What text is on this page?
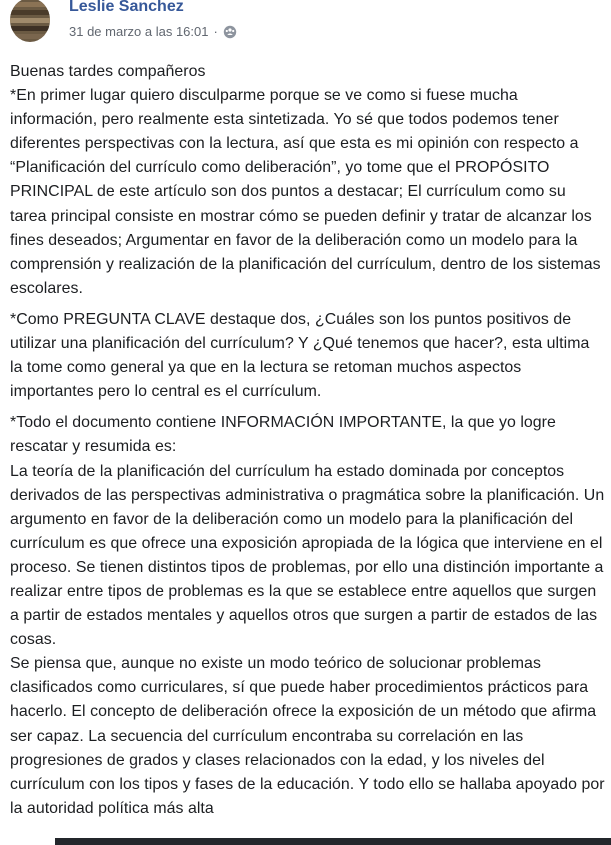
Leslie Sanchez
31 de marzo a las 16:01 ·

Buenas tardes compañeros
*En primer lugar quiero disculparme porque se ve como si fuese mucha información, pero realmente esta sintetizada. Yo sé que todos podemos tener diferentes perspectivas con la lectura, así que esta es mi opinión con respecto a “Planificación del currículo como deliberación”, yo tome que el PROPÓSITO PRINCIPAL de este artículo son dos puntos a destacar; El currículum como su tarea principal consiste en mostrar cómo se pueden definir y tratar de alcanzar los fines deseados; Argumentar en favor de la deliberación como un modelo para la comprensión y realización de la planificación del currículum, dentro de los sistemas escolares.

*Como PREGUNTA CLAVE destaque dos, ¿Cuáles son los puntos positivos de utilizar una planificación del currículum? Y ¿Qué tenemos que hacer?, esta ultima la tome como general ya que en la lectura se retoman muchos aspectos importantes pero lo central es el currículum.

*Todo el documento contiene INFORMACIÓN IMPORTANTE, la que yo logre rescatar y resumida es:
La teoría de la planificación del currículum ha estado dominada por conceptos derivados de las perspectivas administrativa o pragmática sobre la planificación. Un argumento en favor de la deliberación como un modelo para la planificación del currículum es que ofrece una exposición apropiada de la lógica que interviene en el proceso. Se tienen distintos tipos de problemas, por ello una distinción importante a realizar entre tipos de problemas es la que se establece entre aquellos que surgen a partir de estados mentales y aquellos otros que surgen a partir de estados de las cosas.
Se piensa que, aunque no existe un modo teórico de solucionar problemas clasificados como curriculares, sí que puede haber procedimientos prácticos para hacerlo. El concepto de deliberación ofrece la exposición de un método que afirma ser capaz. La secuencia del currículum encontraba su correlación en las progresiones de grados y clases relacionados con la edad, y los niveles del currículum con los tipos y fases de la educación. Y todo ello se hallaba apoyado por la autoridad política más alta
